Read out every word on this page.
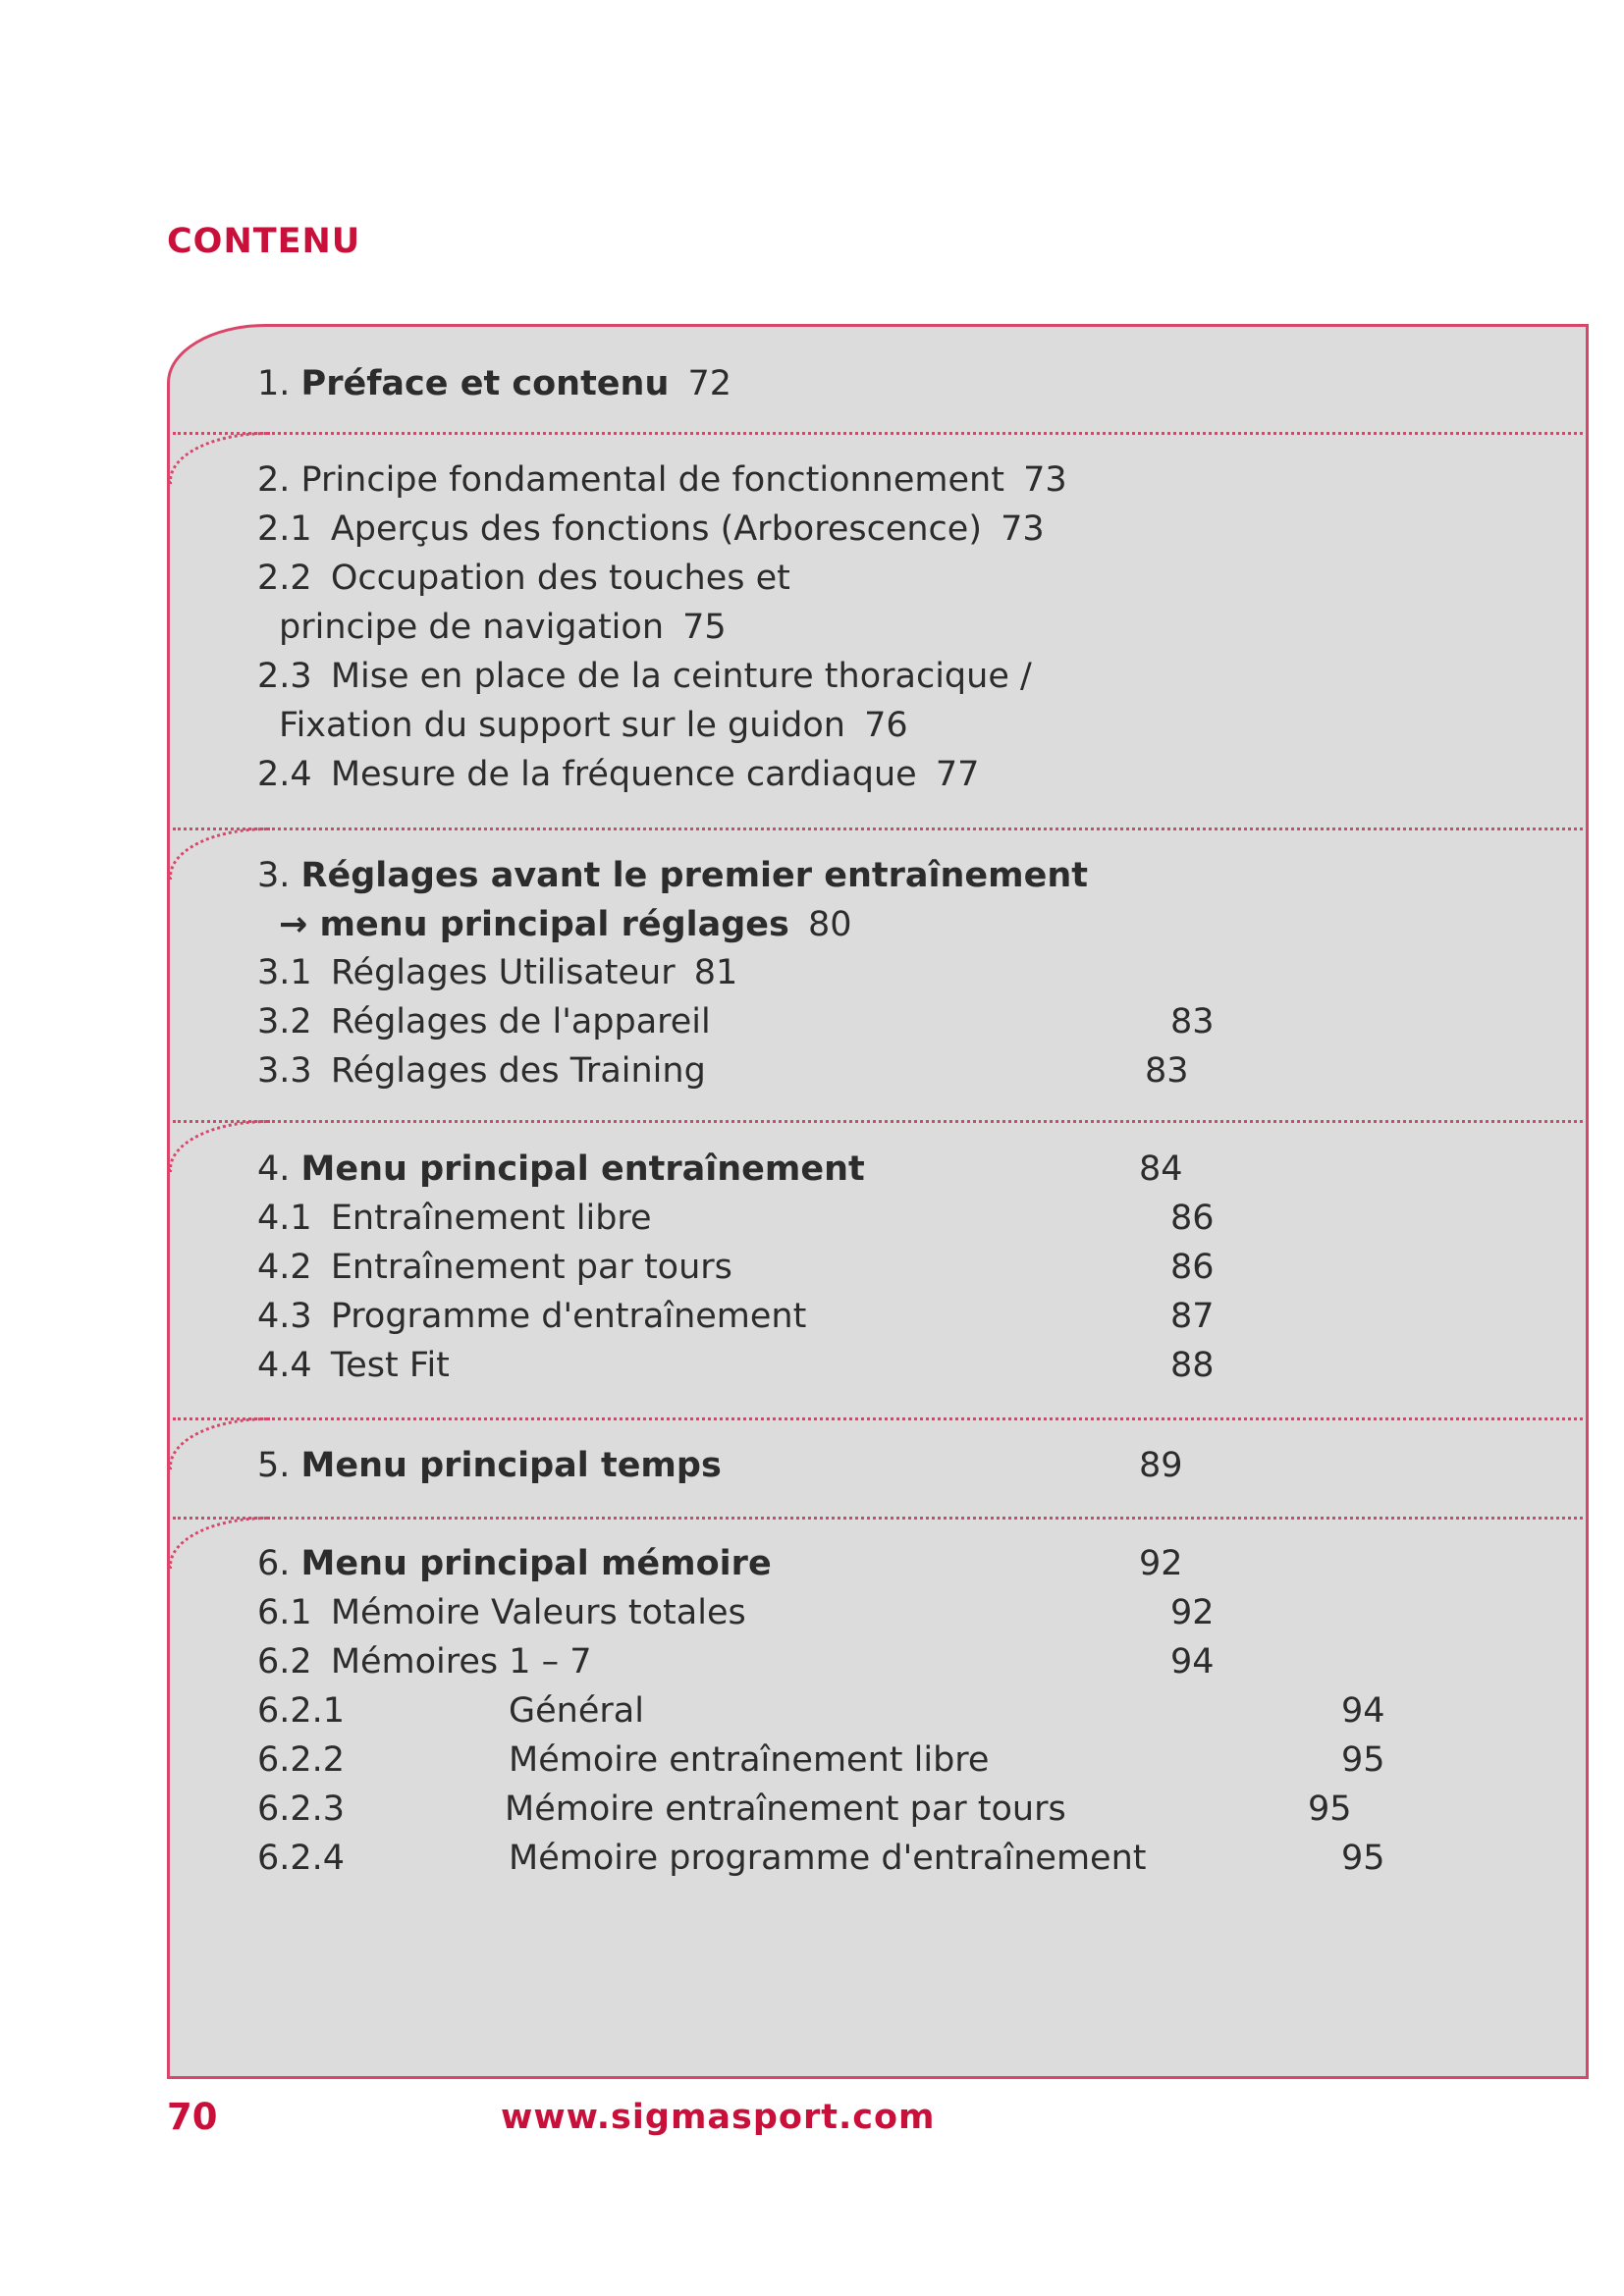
CONTENU
1. Préface et contenu 72
2. Principe fondamental de fonctionnement 73
2.1 Aperçus des fonctions (Arborescence) 73
2.2 Occupation des touches et
principe de navigation 75
2.3 Mise en place de la ceinture thoracique /
Fixation du support sur le guidon 76
2.4 Mesure de la fréquence cardiaque 77
3. Réglages avant le premier entraînement
→ menu principal réglages 80
3.1 Réglages Utilisateur 81
3.2 Réglages de l'appareil	83
3.3 Réglages des Training	83
4. Menu principal entraînement	84
4.1 Entraînement libre	86
4.2 Entraînement par tours	86
4.3 Programme d'entraînement	87
4.4 Test Fit	88
5. Menu principal temps	89
6. Menu principal mémoire	92
6.1 Mémoire Valeurs totales	92
6.2 Mémoires 1 – 7	94
6.2.1	Général	94
6.2.2	Mémoire entraînement libre	95
6.2.3	Mémoire entraînement par tours	95
6.2.4	Mémoire programme d'entraînement	95
70	www.sigmasport.com
